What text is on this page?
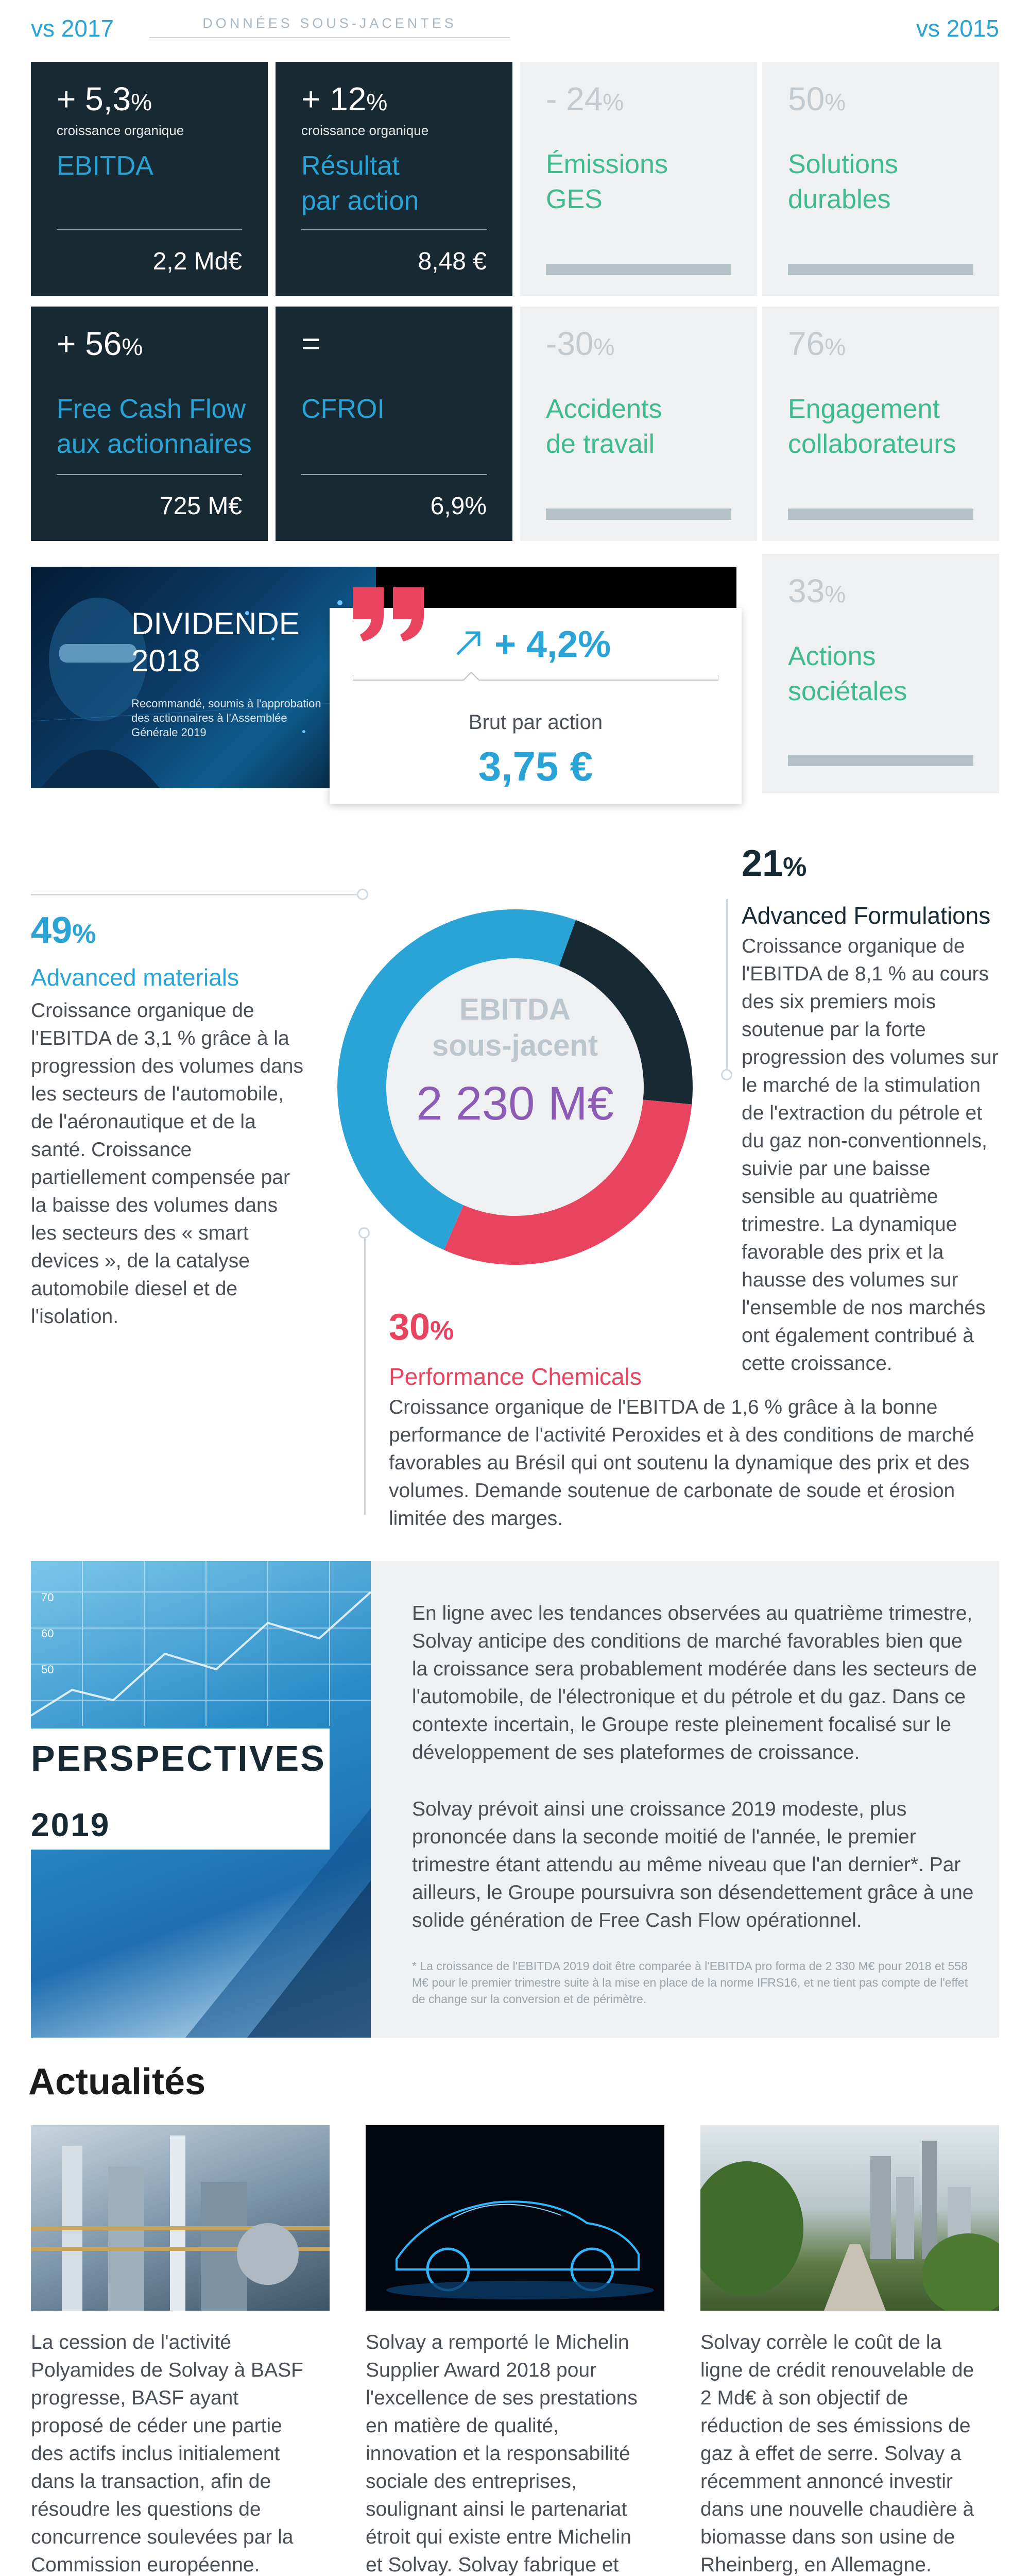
vs 2017	DONNÉES SOUS-JACENTES	vs 2015
+ 5,3%
croissance organique
EBITDA
2,2 Md€
+ 12%
croissance organique
Résultat
par action
8,48 €
- 24%
Émissions
GES
50%
Solutions
durables
+ 56%
Free Cash Flow
aux actionnaires
725 M€
=
CFROI
6,9%
-30%
Accidents
de travail
76%
Engagement
collaborateurs
33%
Actions
sociétales
DIVIDENDE
2018
Recommandé, soumis à l'approbation des actionnaires à l'Assemblée Générale 2019
+ 4,2%
Brut par action
3,75 €
EBITDA
sous-jacent
2 230 M€
49%
Advanced materials
Croissance organique de l'EBITDA de 3,1 % grâce à la progression des volumes dans les secteurs de l'automobile, de l'aéronautique et de la santé. Croissance partiellement compensée par la baisse des volumes dans les secteurs des « smart devices », de la catalyse automobile diesel et de l'isolation.
21%
Advanced Formulations
Croissance organique de l'EBITDA de 8,1 % au cours des six premiers mois soutenue par la forte progression des volumes sur le marché de la stimulation de l'extraction du pétrole et du gaz non-conventionnels, suivie par une baisse sensible au quatrième trimestre. La dynamique favorable des prix et la hausse des volumes sur l'ensemble de nos marchés ont également contribué à cette croissance.
30%
Performance Chemicals
Croissance organique de l'EBITDA de 1,6 % grâce à la bonne performance de l'activité Peroxides et à des conditions de marché favorables au Brésil qui ont soutenu la dynamique des prix et des volumes. Demande soutenue de carbonate de soude et érosion limitée des marges.
70
60
50
PERSPECTIVES
2019
En ligne avec les tendances observées au quatrième trimestre, Solvay anticipe des conditions de marché favorables bien que la croissance sera probablement modérée dans les secteurs de l'automobile, de l'électronique et du pétrole et du gaz. Dans ce contexte incertain, le Groupe reste pleinement focalisé sur le développement de ses plateformes de croissance.
Solvay prévoit ainsi une croissance 2019 modeste, plus prononcée dans la seconde moitié de l'année, le premier trimestre étant attendu au même niveau que l'an dernier*. Par ailleurs, le Groupe poursuivra son désendettement grâce à une solide génération de Free Cash Flow opérationnel.
* La croissance de l'EBITDA 2019 doit être comparée à l'EBITDA pro forma de 2 330 M€ pour 2018 et 558 M€ pour le premier trimestre suite à la mise en place de la norme IFRS16, et ne tient pas compte de l'effet de change sur la conversion et de périmètre.
Actualités
La cession de l'activité Polyamides de Solvay à BASF progresse, BASF ayant proposé de céder une partie des actifs inclus initialement dans la transaction, afin de résoudre les questions de concurrence soulevées par la Commission européenne.
Solvay a remporté le Michelin Supplier Award 2018 pour l'excellence de ses prestations en matière de qualité, innovation et la responsabilité sociale des entreprises, soulignant ainsi le partenariat étroit qui existe entre Michelin et Solvay. Solvay fabrique et
Solvay corrèle le coût de la ligne de crédit renouvelable de 2 Md€ à son objectif de réduction de ses émissions de gaz à effet de serre. Solvay a récemment annoncé investir dans une nouvelle chaudière à biomasse dans son usine de Rheinberg, en Allemagne.
